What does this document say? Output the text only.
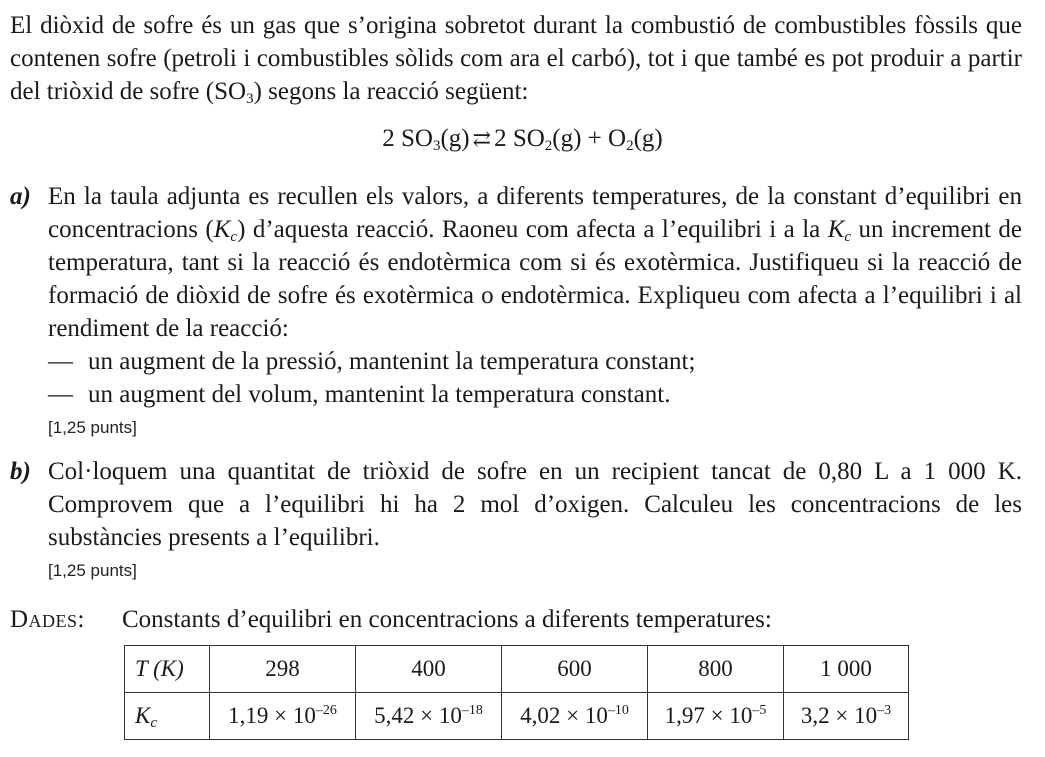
El diòxid de sofre és un gas que s’origina sobretot durant la combustió de combustibles fòssils que contenen sofre (petroli i combustibles sòlids com ara el carbó), tot i que també es pot produir a partir del triòxid de sofre $(SO_3)$ segons la reacció següent:

2 $SO_3(g)$ ⇄ 2 $SO_2(g) + O_2(g)$
a) En la taula adjunta es recullen els valors, a diferents temperatures, de la constant d’equilibri en concentracions $(K_c)$ d’aquesta reacció. Raoneu com afecta a l’equilibri i a la $K_c$ un increment de temperatura, tant si la reacció és endotèrmica com si és exotèrmica. Justifiqueu si la reacció de formació de diòxid de sofre és exotèrmica o endotèrmica. Expliqueu com afecta a l’equilibri i al rendiment de la reacció:

— un augment de la pressió, mantenint la temperatura constant;
— un augment del volum, mantenint la temperatura constant.
[1,25 punts]
b) Col·loquem una quantitat de triòxid de sofre en un recipient tancat de 0,80 L a 1 000 K. Comprovem que a l’equilibri hi ha 2 mol d’oxigen. Calculeu les concentracions de les substàncies presents a l’equilibri.

[1,25 punts]
Dades: Constants d’equilibri en concentracions a diferents temperatures:
T (K)	298	400	600	800	1 000
$K_c$	$1,19 \times 10^{-26}$	$5,42 \times 10^{-18}$	$4,02 \times 10^{-10}$	$1,97 \times 10^{-5}$	$3,2 \times 10^{-3}$
